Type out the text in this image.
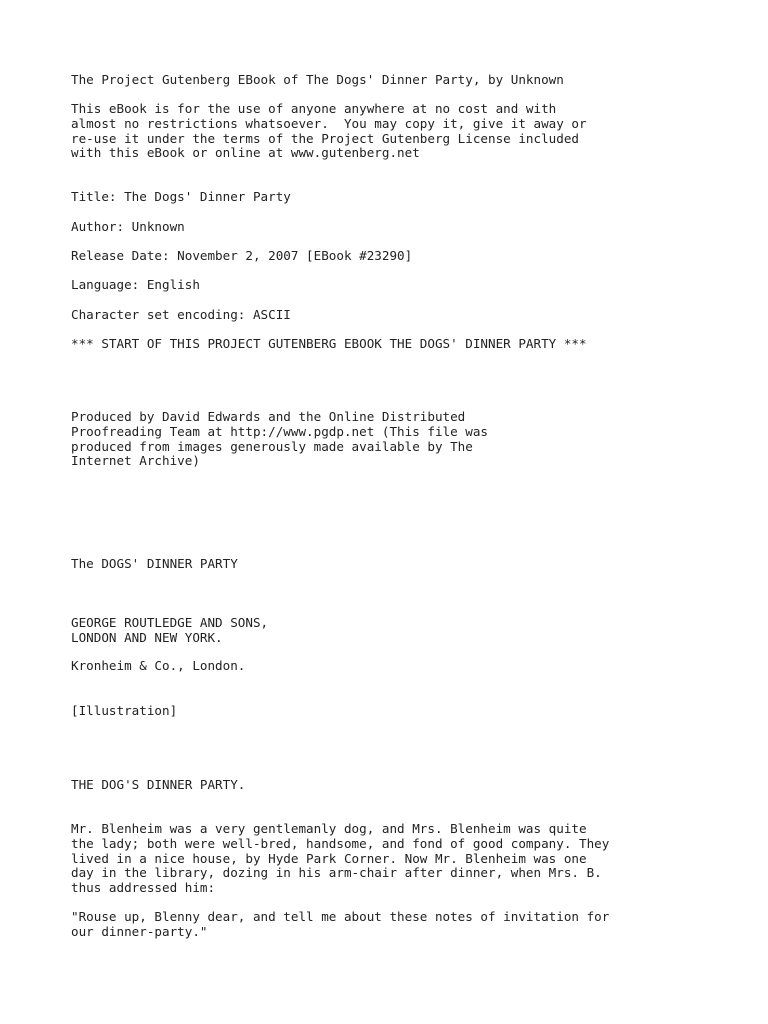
The Project Gutenberg EBook of The Dogs' Dinner Party, by Unknown
This eBook is for the use of anyone anywhere at no cost and with
almost no restrictions whatsoever.  You may copy it, give it away or
re-use it under the terms of the Project Gutenberg License included
with this eBook or online at www.gutenberg.net
Title: The Dogs' Dinner Party
Author: Unknown
Release Date: November 2, 2007 [EBook #23290]
Language: English
Character set encoding: ASCII
*** START OF THIS PROJECT GUTENBERG EBOOK THE DOGS' DINNER PARTY ***
Produced by David Edwards and the Online Distributed
Proofreading Team at http://www.pgdp.net (This file was
produced from images generously made available by The
Internet Archive)
The DOGS' DINNER PARTY
GEORGE ROUTLEDGE AND SONS,
LONDON AND NEW YORK.
Kronheim & Co., London.
[Illustration]
THE DOG'S DINNER PARTY.
Mr. Blenheim was a very gentlemanly dog, and Mrs. Blenheim was quite
the lady; both were well-bred, handsome, and fond of good company. They
lived in a nice house, by Hyde Park Corner. Now Mr. Blenheim was one
day in the library, dozing in his arm-chair after dinner, when Mrs. B.
thus addressed him:
"Rouse up, Blenny dear, and tell me about these notes of invitation for
our dinner-party."
